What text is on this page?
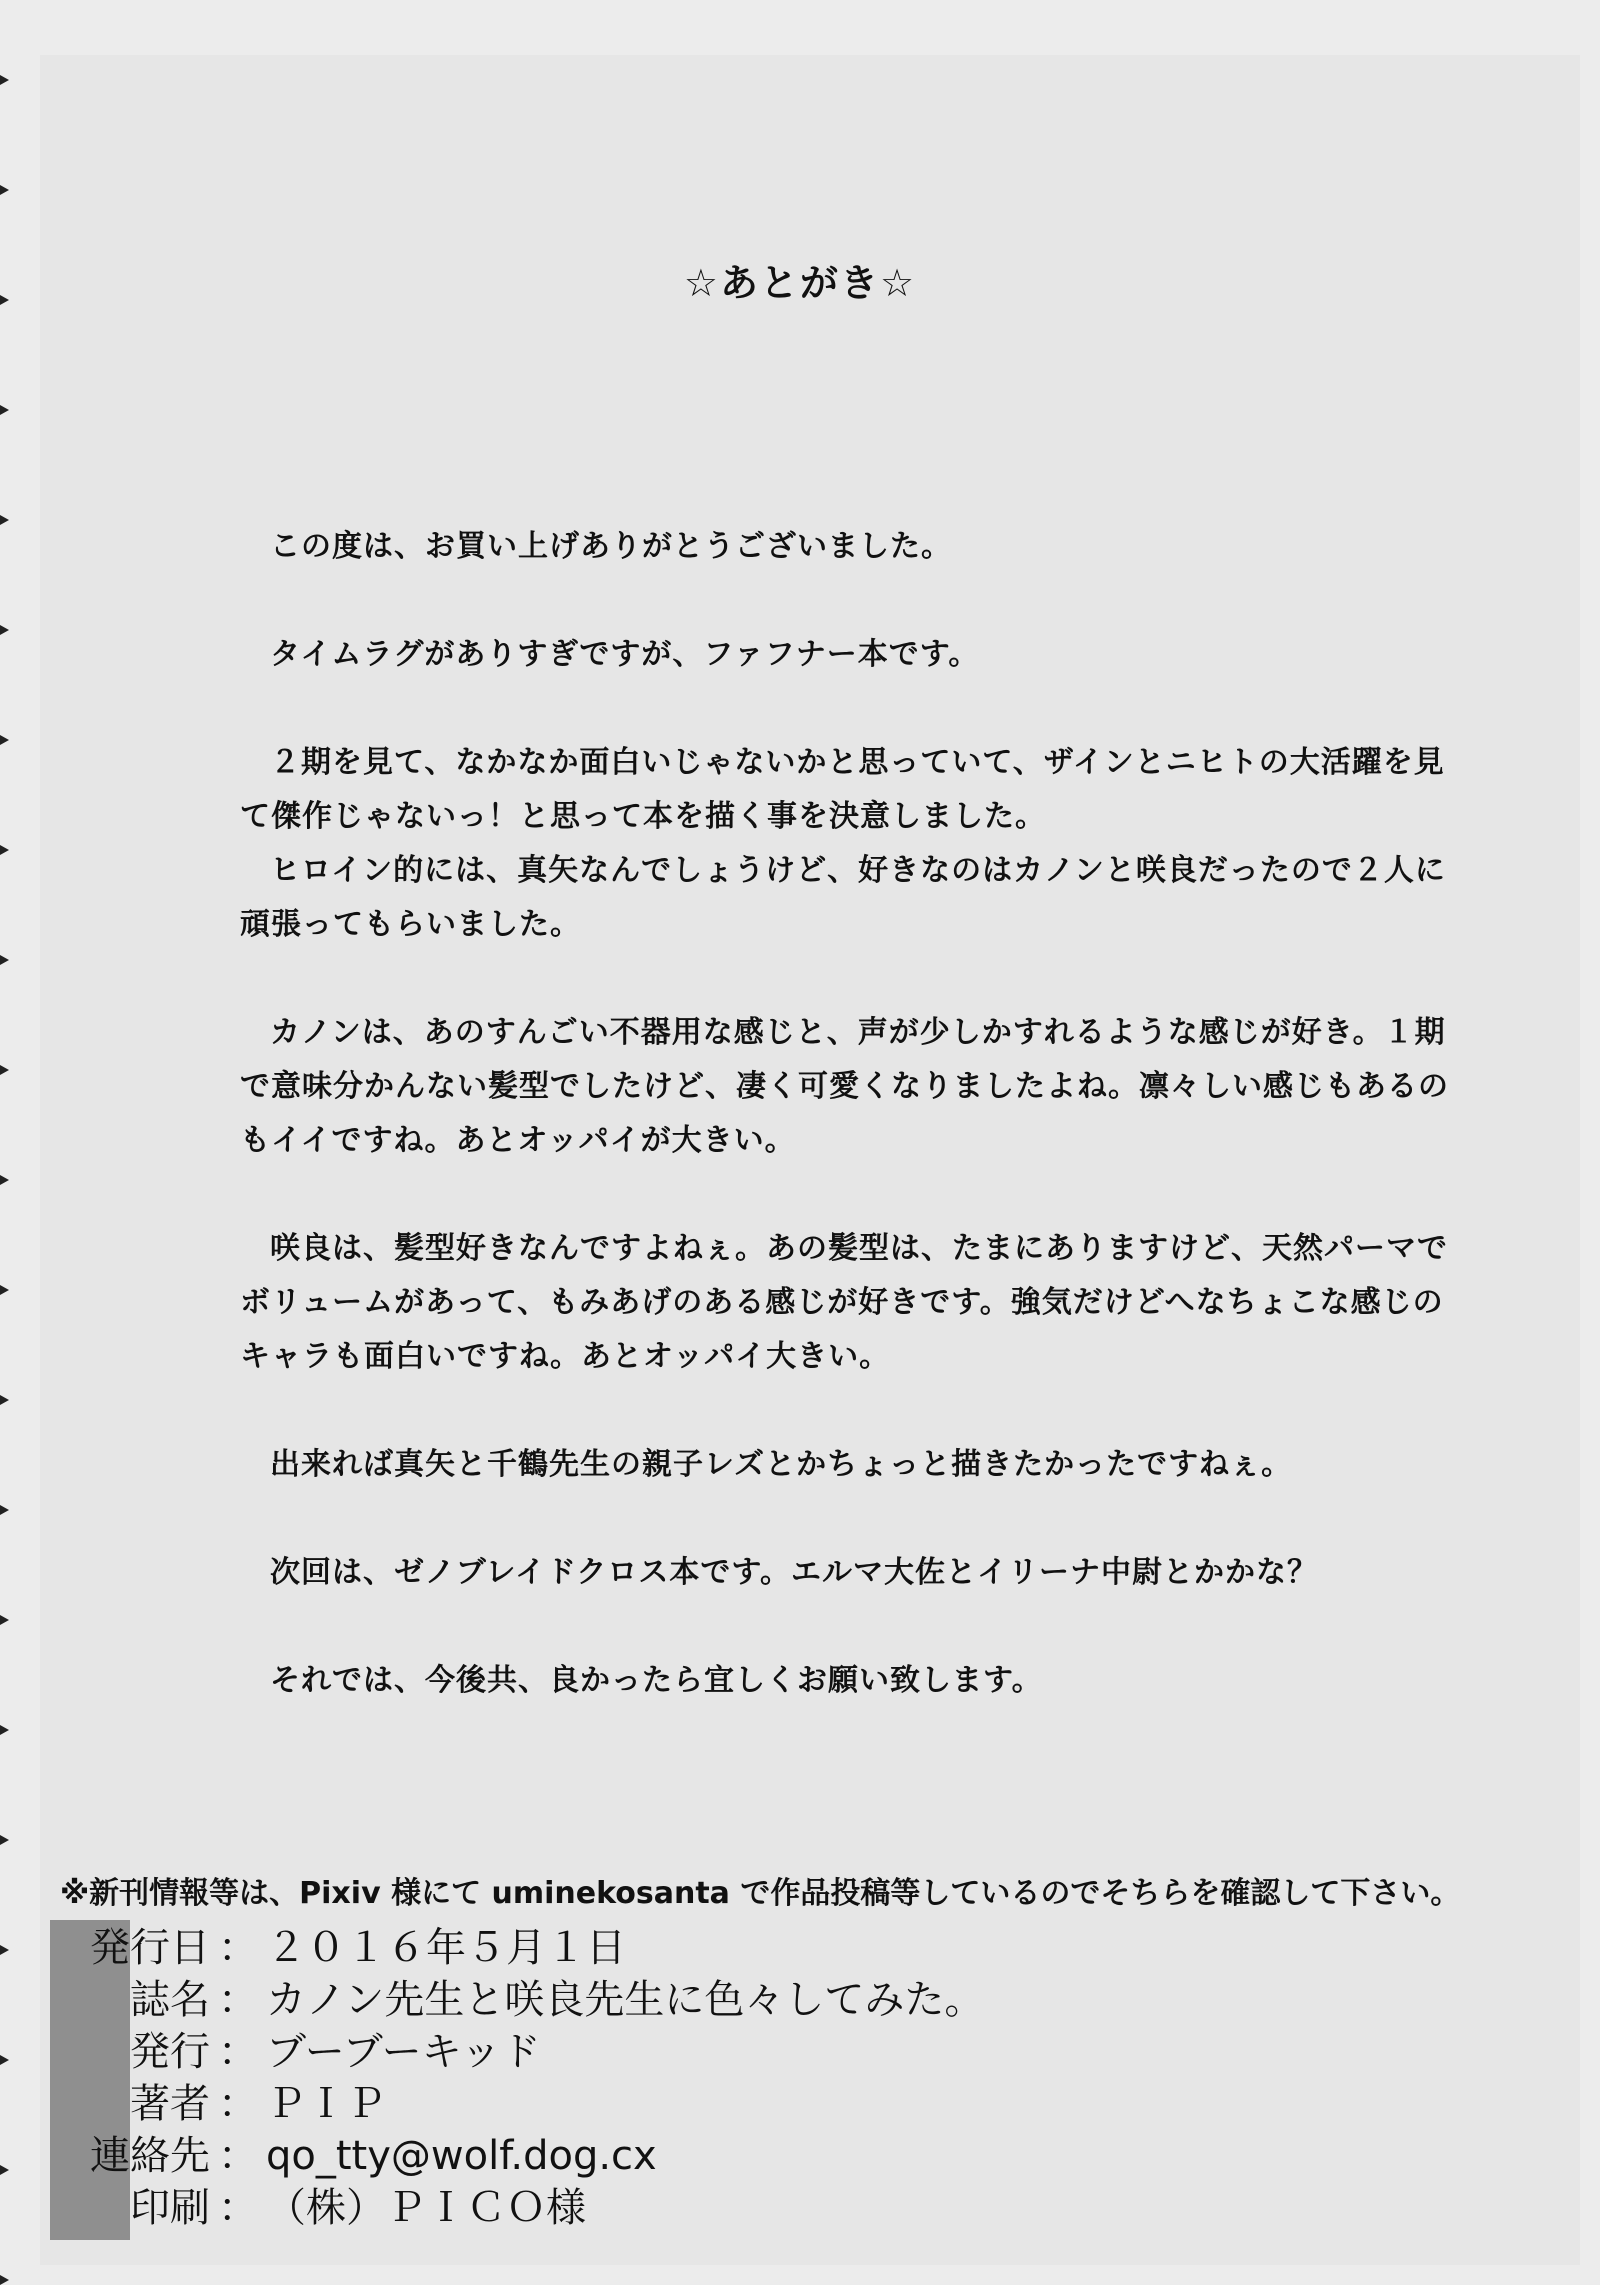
☆あとがき☆
この度は、お買い上げありがとうございました。
タイムラグがありすぎですが、ファフナー本です。
２期を見て、なかなか面白いじゃないかと思っていて、ザインとニヒトの大活躍を見
て傑作じゃないっ！と思って本を描く事を決意しました。
ヒロイン的には、真矢なんでしょうけど、好きなのはカノンと咲良だったので２人に
頑張ってもらいました。
カノンは、あのすんごい不器用な感じと、声が少しかすれるような感じが好き。１期
で意味分かんない髪型でしたけど、凄く可愛くなりましたよね。凛々しい感じもあるの
もイイですね。あとオッパイが大きい。
咲良は、髪型好きなんですよねぇ。あの髪型は、たまにありますけど、天然パーマで
ボリュームがあって、もみあげのある感じが好きです。強気だけどへなちょこな感じの
キャラも面白いですね。あとオッパイ大きい。
出来れば真矢と千鶴先生の親子レズとかちょっと描きたかったですねぇ。
次回は、ゼノブレイドクロス本です。エルマ大佐とイリーナ中尉とかかな？
それでは、今後共、良かったら宜しくお願い致します。
※新刊情報等は、Pixiv 様にて uminekosanta で作品投稿等しているのでそちらを確認して下さい。
発行日 ： ２０１６年５月１日
誌名 ： カノン先生と咲良先生に色々してみた。
発行 ： ブーブーキッド
著者 ： ＰＩＰ
連絡先 ： qo_tty@wolf.dog.cx
印刷 ： （株）ＰＩＣＯ様
